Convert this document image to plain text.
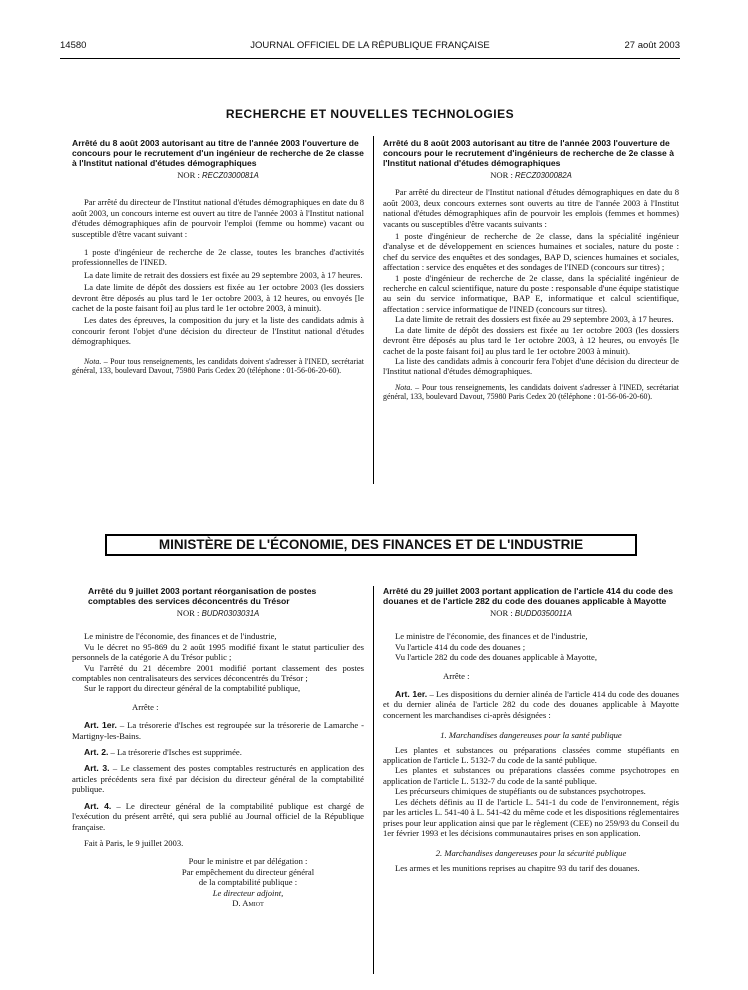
14580	JOURNAL OFFICIEL DE LA RÉPUBLIQUE FRANÇAISE	27 août 2003
RECHERCHE ET NOUVELLES TECHNOLOGIES

Arrêté du 8 août 2003 autorisant au titre de l'année 2003 l'ouverture de concours pour le recrutement d'un ingénieur de recherche de 2e classe à l'Institut national d'études démographiques

NOR : RECZ0300081A

Par arrêté du directeur de l'Institut national d'études démographiques en date du 8 août 2003, un concours interne est ouvert au titre de l'année 2003 à l'Institut national d'études démographiques afin de pourvoir l'emploi (femme ou homme) vacant ou susceptible d'être vacant suivant :

1 poste d'ingénieur de recherche de 2e classe, toutes les branches d'activités professionnelles de l'INED.

La date limite de retrait des dossiers est fixée au 29 septembre 2003, à 17 heures.

La date limite de dépôt des dossiers est fixée au 1er octobre 2003 (les dossiers devront être déposés au plus tard le 1er octobre 2003, à 12 heures, ou envoyés [le cachet de la poste faisant foi] au plus tard le 1er octobre 2003, à minuit).

Les dates des épreuves, la composition du jury et la liste des candidats admis à concourir feront l'objet d'une décision du directeur de l'Institut national d'études démographiques.

Nota. – Pour tous renseignements, les candidats doivent s'adresser à l'INED, secrétariat général, 133, boulevard Davout, 75980 Paris Cedex 20 (téléphone : 01-56-06-20-60).

Arrêté du 8 août 2003 autorisant au titre de l'année 2003 l'ouverture de concours pour le recrutement d'ingénieurs de recherche de 2e classe à l'Institut national d'études démographiques

NOR : RECZ0300082A

Par arrêté du directeur de l'Institut national d'études démographiques en date du 8 août 2003, deux concours externes sont ouverts au titre de l'année 2003 à l'Institut national d'études démographiques afin de pourvoir les emplois (femmes et hommes) vacants ou susceptibles d'être vacants suivants :

1 poste d'ingénieur de recherche de 2e classe, dans la spécialité ingénieur d'analyse et de développement en sciences humaines et sociales, nature du poste : chef du service des enquêtes et des sondages, BAP D, sciences humaines et sociales, affectation : service des enquêtes et des sondages de l'INED (concours sur titres) ;

1 poste d'ingénieur de recherche de 2e classe, dans la spécialité ingénieur de recherche en calcul scientifique, nature du poste : responsable d'une équipe statistique au sein du service informatique, BAP E, informatique et calcul scientifique, affectation : service informatique de l'INED (concours sur titres).

La date limite de retrait des dossiers est fixée au 29 septembre 2003, à 17 heures.

La date limite de dépôt des dossiers est fixée au 1er octobre 2003 (les dossiers devront être déposés au plus tard le 1er octobre 2003, à 12 heures, ou envoyés [le cachet de la poste faisant foi] au plus tard le 1er octobre 2003 à minuit).

La liste des candidats admis à concourir fera l'objet d'une décision du directeur de l'Institut national d'études démographiques.

Nota. – Pour tous renseignements, les candidats doivent s'adresser à l'INED, secrétariat général, 133, boulevard Davout, 75980 Paris Cedex 20 (téléphone : 01-56-06-20-60).

MINISTÈRE DE L'ÉCONOMIE, DES FINANCES ET DE L'INDUSTRIE

Arrêté du 9 juillet 2003 portant réorganisation de postes comptables des services déconcentrés du Trésor

NOR : BUDR0303031A

Le ministre de l'économie, des finances et de l'industrie,

Vu le décret no 95-869 du 2 août 1995 modifié fixant le statut particulier des personnels de la catégorie A du Trésor public ;

Vu l'arrêté du 21 décembre 2001 modifié portant classement des postes comptables non centralisateurs des services déconcentrés du Trésor ;

Sur le rapport du directeur général de la comptabilité publique,

Arrête :

Art. 1er. – La trésorerie d'Isches est regroupée sur la trésorerie de Lamarche - Martigny-les-Bains.

Art. 2. – La trésorerie d'Isches est supprimée.

Art. 3. – Le classement des postes comptables restructurés en application des articles précédents sera fixé par décision du directeur général de la comptabilité publique.

Art. 4. – Le directeur général de la comptabilité publique est chargé de l'exécution du présent arrêté, qui sera publié au Journal officiel de la République française.

Fait à Paris, le 9 juillet 2003.

Pour le ministre et par délégation :

Par empêchement du directeur général

de la comptabilité publique :

Le directeur adjoint,

D. Amiot

Arrêté du 29 juillet 2003 portant application de l'article 414 du code des douanes et de l'article 282 du code des douanes applicable à Mayotte

NOR : BUDD0350011A

Le ministre de l'économie, des finances et de l'industrie,

Vu l'article 414 du code des douanes ;

Vu l'article 282 du code des douanes applicable à Mayotte,

Arrête :

Art. 1er. – Les dispositions du dernier alinéa de l'article 414 du code des douanes et du dernier alinéa de l'article 282 du code des douanes applicable à Mayotte concernent les marchandises ci-après désignées :

1. Marchandises dangereuses pour la santé publique

Les plantes et substances ou préparations classées comme stupéfiants en application de l'article L. 5132-7 du code de la santé publique.

Les plantes et substances ou préparations classées comme psychotropes en application de l'article L. 5132-7 du code de la santé publique.

Les précurseurs chimiques de stupéfiants ou de substances psychotropes.

Les déchets définis au II de l'article L. 541-1 du code de l'environnement, régis par les articles L. 541-40 à L. 541-42 du même code et les dispositions réglementaires prises pour leur application ainsi que par le règlement (CEE) no 259/93 du Conseil du 1er février 1993 et les décisions communautaires prises en son application.

2. Marchandises dangereuses pour la sécurité publique

Les armes et les munitions reprises au chapitre 93 du tarif des douanes.
